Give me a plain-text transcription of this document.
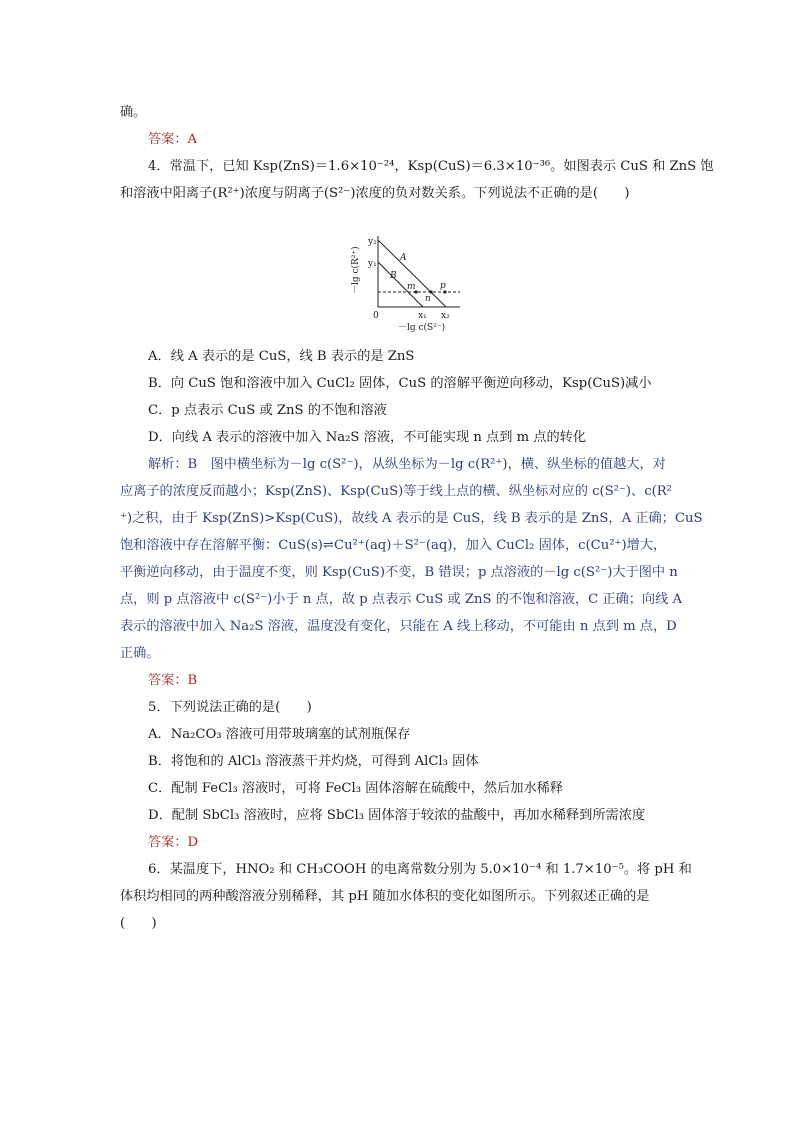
确。
答案：A
4．常温下，已知 Ksp(ZnS)＝1.6×10⁻²⁴，Ksp(CuS)＝6.3×10⁻³⁶。如图表示 CuS 和 ZnS 饱
和溶液中阳离子(R²⁺)浓度与阴离子(S²⁻)浓度的负对数关系。下列说法不正确的是(　　)
A．线 A 表示的是 CuS，线 B 表示的是 ZnS
B．向 CuS 饱和溶液中加入 CuCl₂ 固体，CuS 的溶解平衡逆向移动，Ksp(CuS)减小
C．p 点表示 CuS 或 ZnS 的不饱和溶液
D．向线 A 表示的溶液中加入 Na₂S 溶液，不可能实现 n 点到 m 点的转化
解析：B　图中横坐标为－lg c(S²⁻)，从纵坐标为－lg c(R²⁺)，横、纵坐标的值越大，对
应离子的浓度反而越小；Ksp(ZnS)、Ksp(CuS)等于线上点的横、纵坐标对应的 c(S²⁻)、c(R²
⁺)之积，由于 Ksp(ZnS)>Ksp(CuS)，故线 A 表示的是 CuS，线 B 表示的是 ZnS，A 正确；CuS
饱和溶液中存在溶解平衡：CuS(s)⇌Cu²⁺(aq)＋S²⁻(aq)，加入 CuCl₂ 固体，c(Cu²⁺)增大，
平衡逆向移动，由于温度不变，则 Ksp(CuS)不变，B 错误；p 点溶液的－lg c(S²⁻)大于图中 n
点，则 p 点溶液中 c(S²⁻)小于 n 点，故 p 点表示 CuS 或 ZnS 的不饱和溶液，C 正确；向线 A
表示的溶液中加入 Na₂S 溶液，温度没有变化，只能在 A 线上移动，不可能由 n 点到 m 点，D
正确。
答案：B
5．下列说法正确的是(　　)
A．Na₂CO₃ 溶液可用带玻璃塞的试剂瓶保存
B．将饱和的 AlCl₃ 溶液蒸干并灼烧，可得到 AlCl₃ 固体
C．配制 FeCl₃ 溶液时，可将 FeCl₃ 固体溶解在硫酸中，然后加水稀释
D．配制 SbCl₃ 溶液时，应将 SbCl₃ 固体溶于较浓的盐酸中，再加水稀释到所需浓度
答案：D
6．某温度下，HNO₂ 和 CH₃COOH 的电离常数分别为 5.0×10⁻⁴ 和 1.7×10⁻⁵。将 pH 和
体积均相同的两种酸溶液分别稀释，其 pH 随加水体积的变化如图所示。下列叙述正确的是
(　　)
y₂
y₁
A
B
m
n
p
0	x₁ x₂
－lg c(S²⁻)
－lg c(R²⁺)
